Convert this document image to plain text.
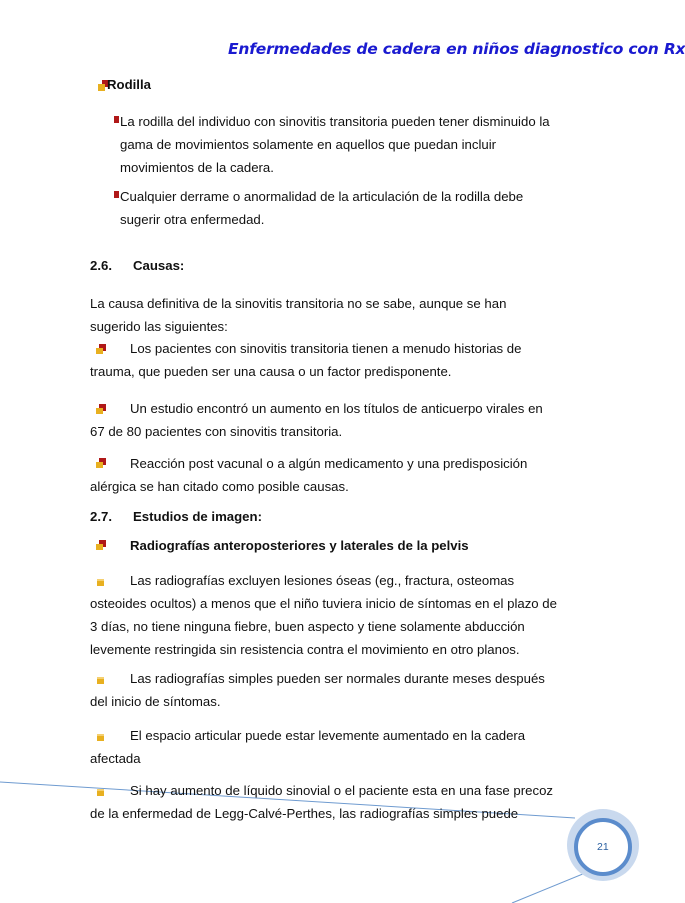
Enfermedades de cadera en niños diagnostico con Rx
Rodilla
La rodilla del individuo con sinovitis transitoria pueden tener disminuido la
gama de movimientos solamente en aquellos que puedan incluir
movimientos de la cadera.
Cualquier derrame o anormalidad de la articulación de la rodilla debe
sugerir otra enfermedad.
2.6. Causas:
La causa definitiva de la sinovitis transitoria no se sabe, aunque se han
sugerido las siguientes:
Los pacientes con sinovitis transitoria tienen a menudo historias de
trauma, que pueden ser una causa o un factor predisponente.
Un estudio encontró un aumento en los títulos de anticuerpo virales en
67 de 80 pacientes con sinovitis transitoria.
Reacción post vacunal o a algún medicamento y una predisposición
alérgica se han citado como posible causas.
2.7. Estudios de imagen:
Radiografías anteroposteriores y laterales de la pelvis
Las radiografías excluyen lesiones óseas (eg., fractura, osteomas
osteoides ocultos) a menos que el niño tuviera inicio de síntomas en el plazo de
3 días, no tiene ninguna fiebre, buen aspecto y tiene solamente abducción
levemente restringida sin resistencia contra el movimiento en otro planos.
Las radiografías simples pueden ser normales durante meses después
del inicio de síntomas.
El espacio articular puede estar levemente aumentado en la cadera
afectada
Si hay aumento de líquido sinovial o el paciente esta en una fase precoz
de la enfermedad de Legg-Calvé-Perthes, las radiografías simples puede
21
